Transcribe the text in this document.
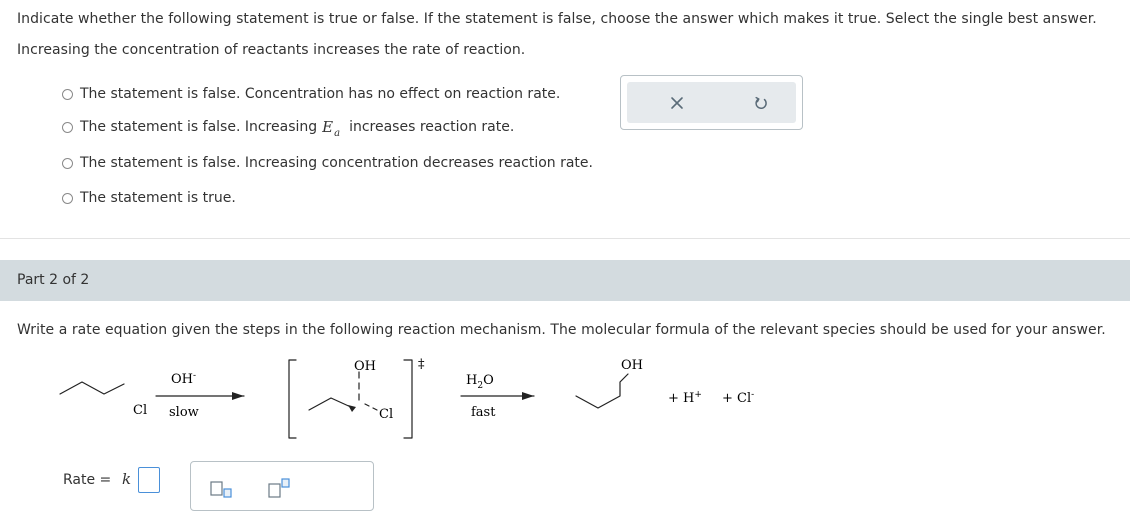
Indicate whether the following statement is true or false. If the statement is false, choose the answer which makes it true. Select the single best answer.
Increasing the concentration of reactants increases the rate of reaction.
The statement is false. Concentration has no effect on reaction rate.
The statement is false. Increasing E a increases reaction rate.
The statement is false. Increasing concentration decreases reaction rate.
The statement is true.
Part 2 of 2
Write a rate equation given the steps in the following reaction mechanism. The molecular formula of the relevant species should be used for your answer.
Cl
OH-
slow
OH
Cl
‡
$H_2O$
fast
OH
+ H+ + Cl-
Rate = k
